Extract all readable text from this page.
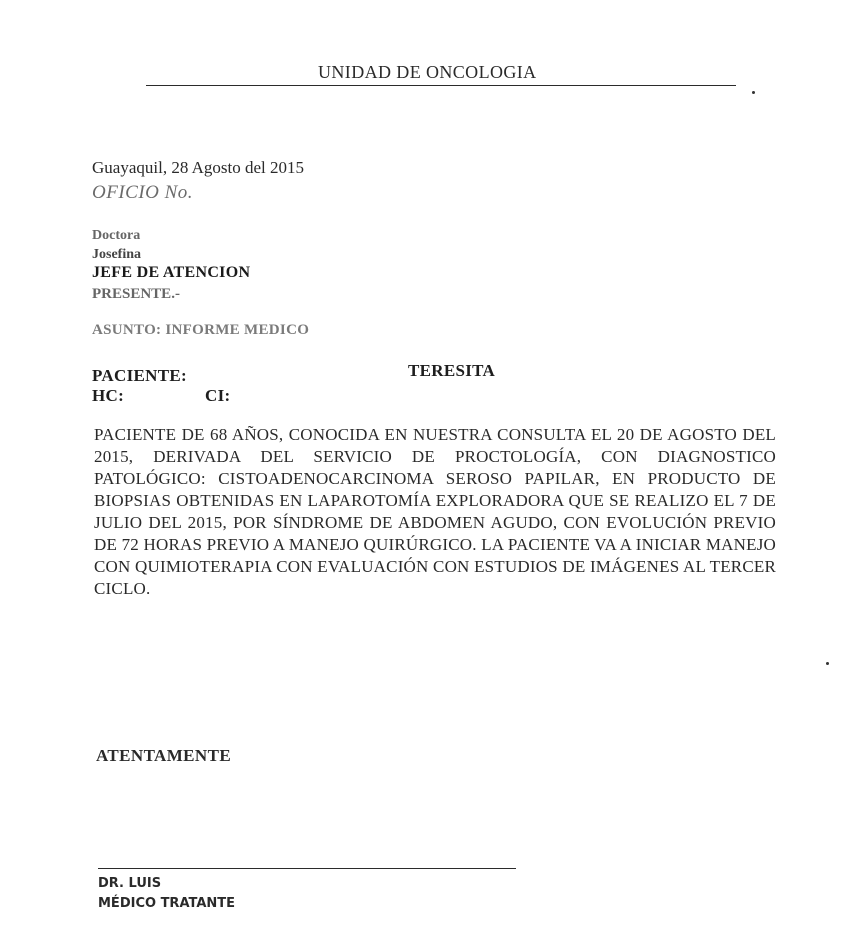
UNIDAD DE ONCOLOGIA
Guayaquil, 28 Agosto del 2015
OFICIO No.
Doctora
Josefina
JEFE DE ATENCION
PRESENTE.-
ASUNTO: INFORME MEDICO
PACIENTE:	TERESITA
HC:	CI:
PACIENTE DE 68 AÑOS, CONOCIDA EN NUESTRA CONSULTA EL 20 DE AGOSTO DEL 2015, DERIVADA DEL SERVICIO DE PROCTOLOGÍA, CON DIAGNOSTICO PATOLÓGICO: CISTOADENOCARCINOMA SEROSO PAPILAR, EN PRODUCTO DE BIOPSIAS OBTENIDAS EN LAPAROTOMÍA EXPLORADORA QUE SE REALIZO EL 7 DE JULIO DEL 2015, POR SÍNDROME DE ABDOMEN AGUDO, CON EVOLUCIÓN PREVIO DE 72 HORAS PREVIO A MANEJO QUIRÚRGICO. LA PACIENTE VA A INICIAR MANEJO CON QUIMIOTERAPIA CON EVALUACIÓN CON ESTUDIOS DE IMÁGENES AL TERCER CICLO.
ATENTAMENTE
DR. LUIS
MÉDICO TRATANTE
